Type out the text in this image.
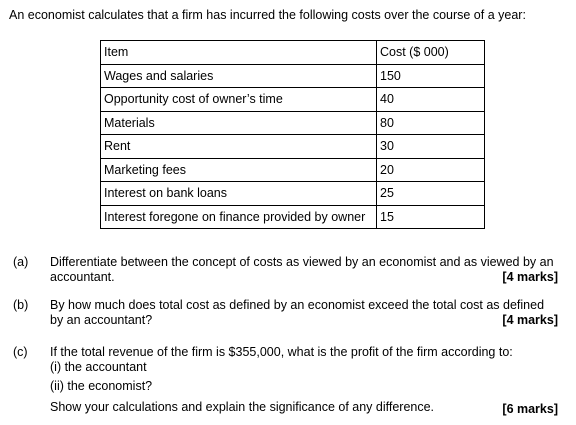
An economist calculates that a firm has incurred the following costs over the course of a year:
Item	Cost ($ 000)
Wages and salaries	150
Opportunity cost of owner’s time	40
Materials	80
Rent	30
Marketing fees	20
Interest on bank loans	25
Interest foregone on finance provided by owner	15
(a) Differentiate between the concept of costs as viewed by an economist and as viewed by an
accountant.	[4 marks]
(b) By how much does total cost as defined by an economist exceed the total cost as defined
by an accountant?	[4 marks]
(c) If the total revenue of the firm is $355,000, what is the profit of the firm according to:
(i) the accountant
(ii) the economist?
Show your calculations and explain the significance of any difference.	[6 marks]
